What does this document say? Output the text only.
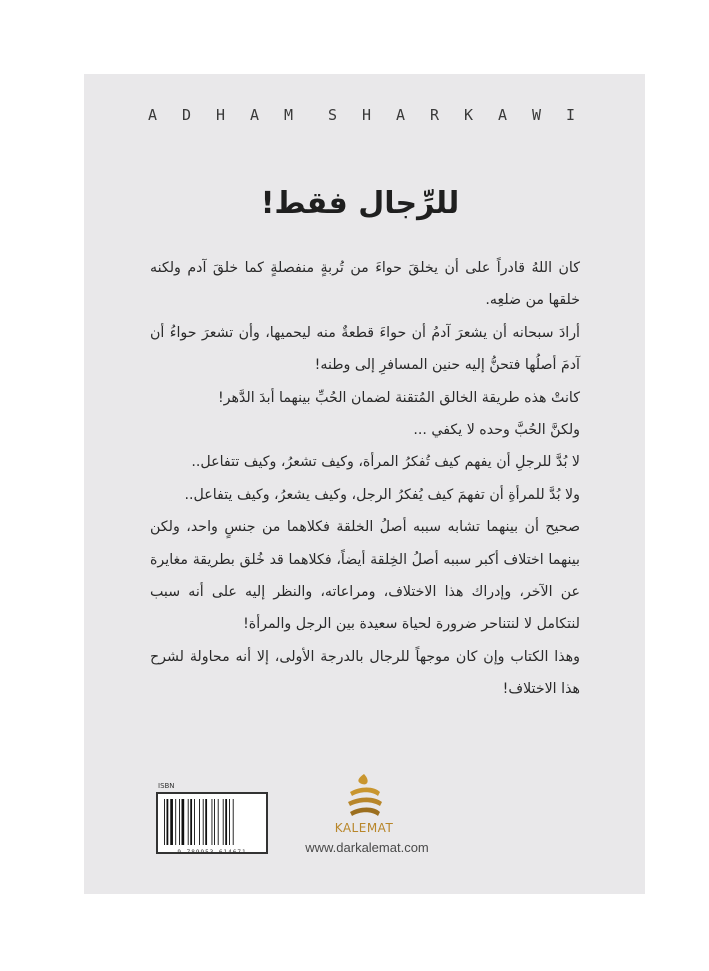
A	D	H	A	M	S	H	A	R	K	A	W	I
للرِّجال فقط!

كان اللهُ قادراً على أن يخلقَ حواءَ من تُربةٍ منفصلةٍ كما خلقَ آدم ولكنه خلقها من ضلعِه.

أرادَ سبحانه أن يشعرَ آدمُ أن حواءَ قطعةٌ منه ليحميها، وأن تشعرَ حواءُ أن آدمَ أصلُها فتحنُّ إليه حنين المسافرِ إلى وطنه!

كانتْ هذه طريقة الخالق المُتقنة لضمان الحُبِّ بينهما أبدَ الدَّهر!

ولكنَّ الحُبَّ وحده لا يكفي ...

لا بُدَّ للرجلِ أن يفهم كيف تُفكرُ المرأة، وكيف تشعرُ، وكيف تتفاعل..

ولا بُدَّ للمرأةِ أن تفهمَ كيف يُفكرُ الرجل، وكيف يشعرُ، وكيف يتفاعل..

صحيح أن بينهما تشابه سببه أصلُ الخلقة فكلاهما من جنسٍ واحد، ولكن بينهما اختلاف أكبر سببه أصلُ الخِلقة أيضاً، فكلاهما قد خُلق بطريقة مغايرة عن الآخر، وإدراك هذا الاختلاف، ومراعاته، والنظر إليه على أنه سبب لنتكامل لا لنتناحر ضرورة لحياة سعيدة بين الرجل والمرأة!

وهذا الكتاب وإن كان موجهاً للرجال بالدرجة الأولى، إلا أنه محاولة لشرح هذا الاختلاف!

ISBN
9 789953 614671
KALEMAT
www.darkalemat.com
